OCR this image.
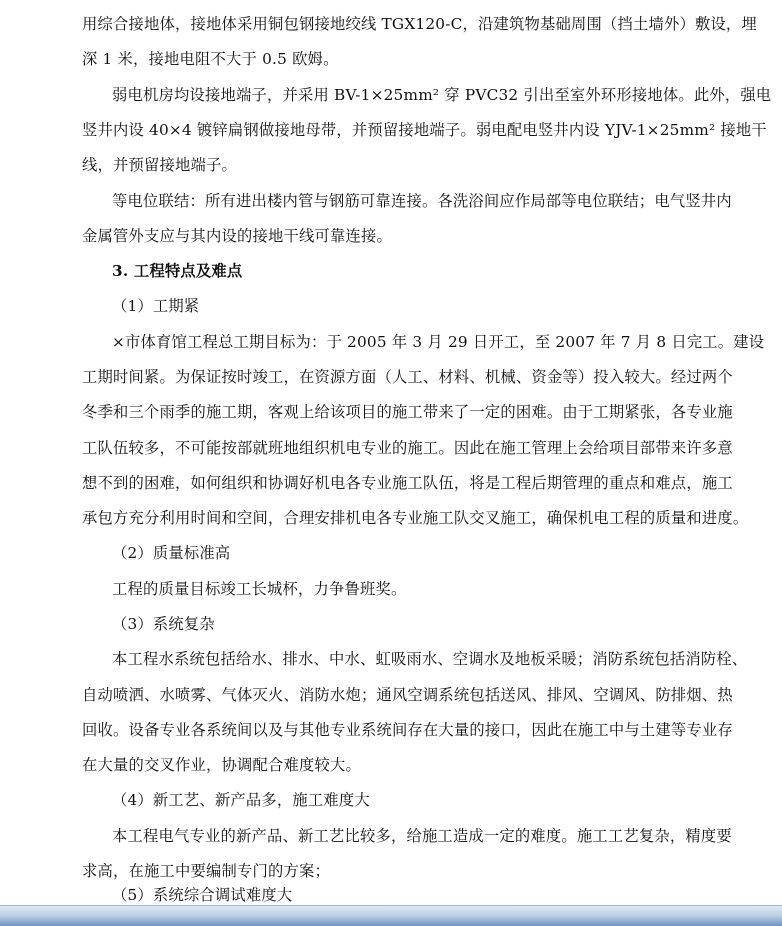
用综合接地体，接地体采用铜包钢接地绞线 TGX120-C，沿建筑物基础周围（挡土墙外）敷设，埋
深 1 米，接地电阻不大于 0.5 欧姆。
弱电机房均设接地端子，并采用 BV-1×25mm² 穿 PVC32 引出至室外环形接地体。此外，强电
竖井内设 40×4 镀锌扁钢做接地母带，并预留接地端子。弱电配电竖井内设 YJV-1×25mm² 接地干
线，并预留接地端子。
等电位联结：所有进出楼内管与钢筋可靠连接。各洗浴间应作局部等电位联结；电气竖井内
金属管外支应与其内设的接地干线可靠连接。
3. 工程特点及难点
（1）工期紧
×市体育馆工程总工期目标为：于 2005 年 3 月 29 日开工，至 2007 年 7 月 8 日完工。建设
工期时间紧。为保证按时竣工，在资源方面（人工、材料、机械、资金等）投入较大。经过两个
冬季和三个雨季的施工期，客观上给该项目的施工带来了一定的困难。由于工期紧张，各专业施
工队伍较多，不可能按部就班地组织机电专业的施工。因此在施工管理上会给项目部带来许多意
想不到的困难，如何组织和协调好机电各专业施工队伍，将是工程后期管理的重点和难点，施工
承包方充分利用时间和空间，合理安排机电各专业施工队交叉施工，确保机电工程的质量和进度。
（2）质量标准高
工程的质量目标竣工长城杯，力争鲁班奖。
（3）系统复杂
本工程水系统包括给水、排水、中水、虹吸雨水、空调水及地板采暖；消防系统包括消防栓、
自动喷洒、水喷雾、气体灭火、消防水炮；通风空调系统包括送风、排风、空调风、防排烟、热
回收。设备专业各系统间以及与其他专业系统间存在大量的接口，因此在施工中与土建等专业存
在大量的交叉作业，协调配合难度较大。
（4）新工艺、新产品多，施工难度大
本工程电气专业的新产品、新工艺比较多，给施工造成一定的难度。施工工艺复杂，精度要
求高，在施工中要编制专门的方案；
（5）系统综合调试难度大
